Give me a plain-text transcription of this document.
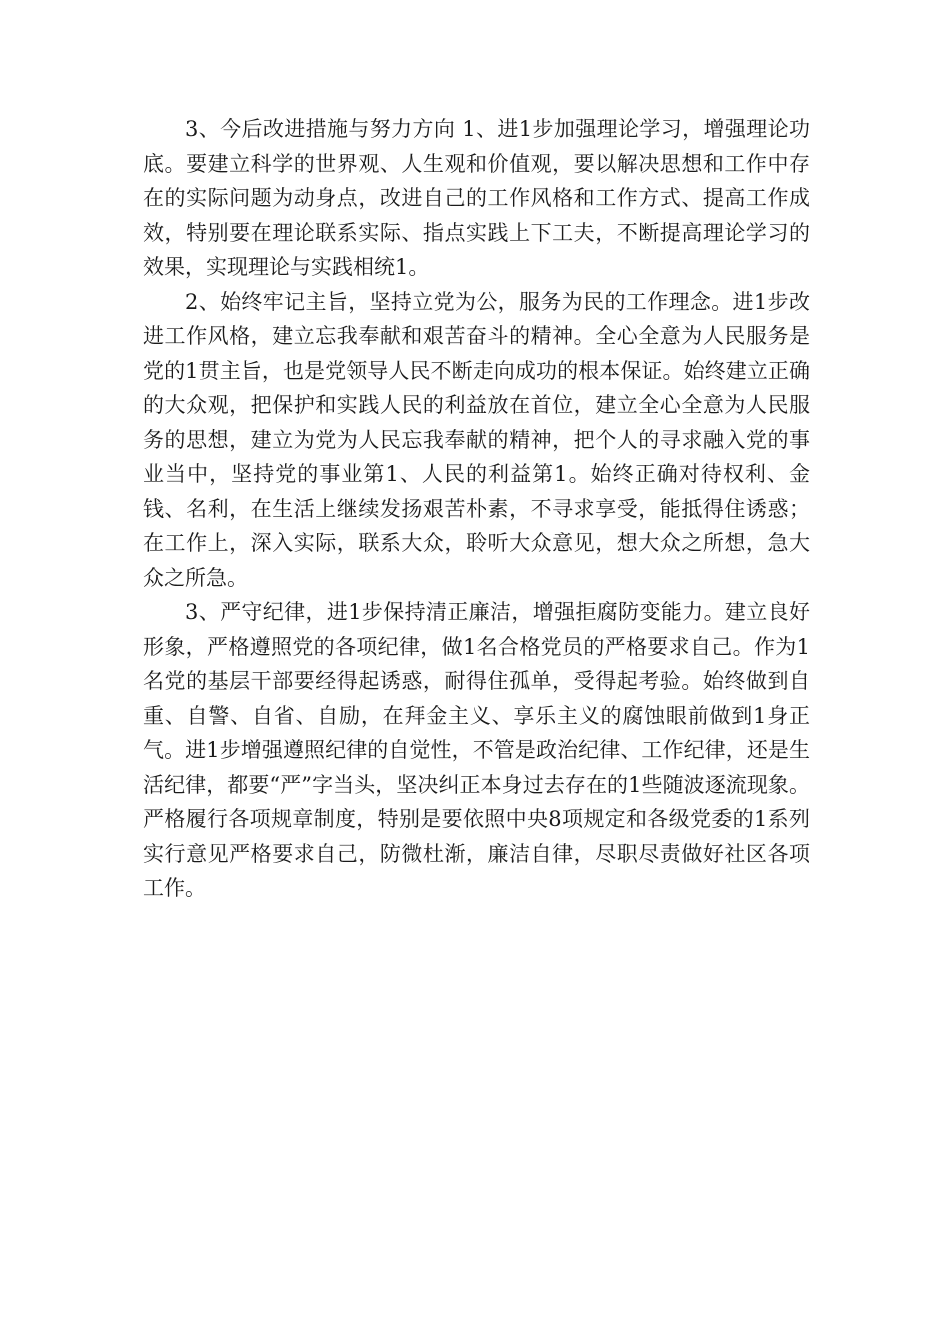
3、今后改进措施与努力方向 1、进1步加强理论学习，增强理论功底。要建立科学的世界观、人生观和价值观，要以解决思想和工作中存在的实际问题为动身点，改进自己的工作风格和工作方式、提高工作成效，特别要在理论联系实际、指点实践上下工夫，不断提高理论学习的效果，实现理论与实践相统1。

2、始终牢记主旨，坚持立党为公，服务为民的工作理念。进1步改进工作风格，建立忘我奉献和艰苦奋斗的精神。全心全意为人民服务是党的1贯主旨，也是党领导人民不断走向成功的根本保证。始终建立正确的大众观，把保护和实践人民的利益放在首位，建立全心全意为人民服务的思想，建立为党为人民忘我奉献的精神，把个人的寻求融入党的事业当中，坚持党的事业第1、人民的利益第1。始终正确对待权利、金钱、名利，在生活上继续发扬艰苦朴素，不寻求享受，能抵得住诱惑；在工作上，深入实际，联系大众，聆听大众意见，想大众之所想，急大众之所急。

3、严守纪律，进1步保持清正廉洁，增强拒腐防变能力。建立良好形象，严格遵照党的各项纪律，做1名合格党员的严格要求自己。作为1名党的基层干部要经得起诱惑，耐得住孤单，受得起考验。始终做到自重、自警、自省、自励，在拜金主义、享乐主义的腐蚀眼前做到1身正气。进1步增强遵照纪律的自觉性，不管是政治纪律、工作纪律，还是生活纪律，都要“严”字当头，坚决纠正本身过去存在的1些随波逐流现象。严格履行各项规章制度，特别是要依照中央8项规定和各级党委的1系列实行意见严格要求自己，防微杜渐，廉洁自律，尽职尽责做好社区各项工作。
